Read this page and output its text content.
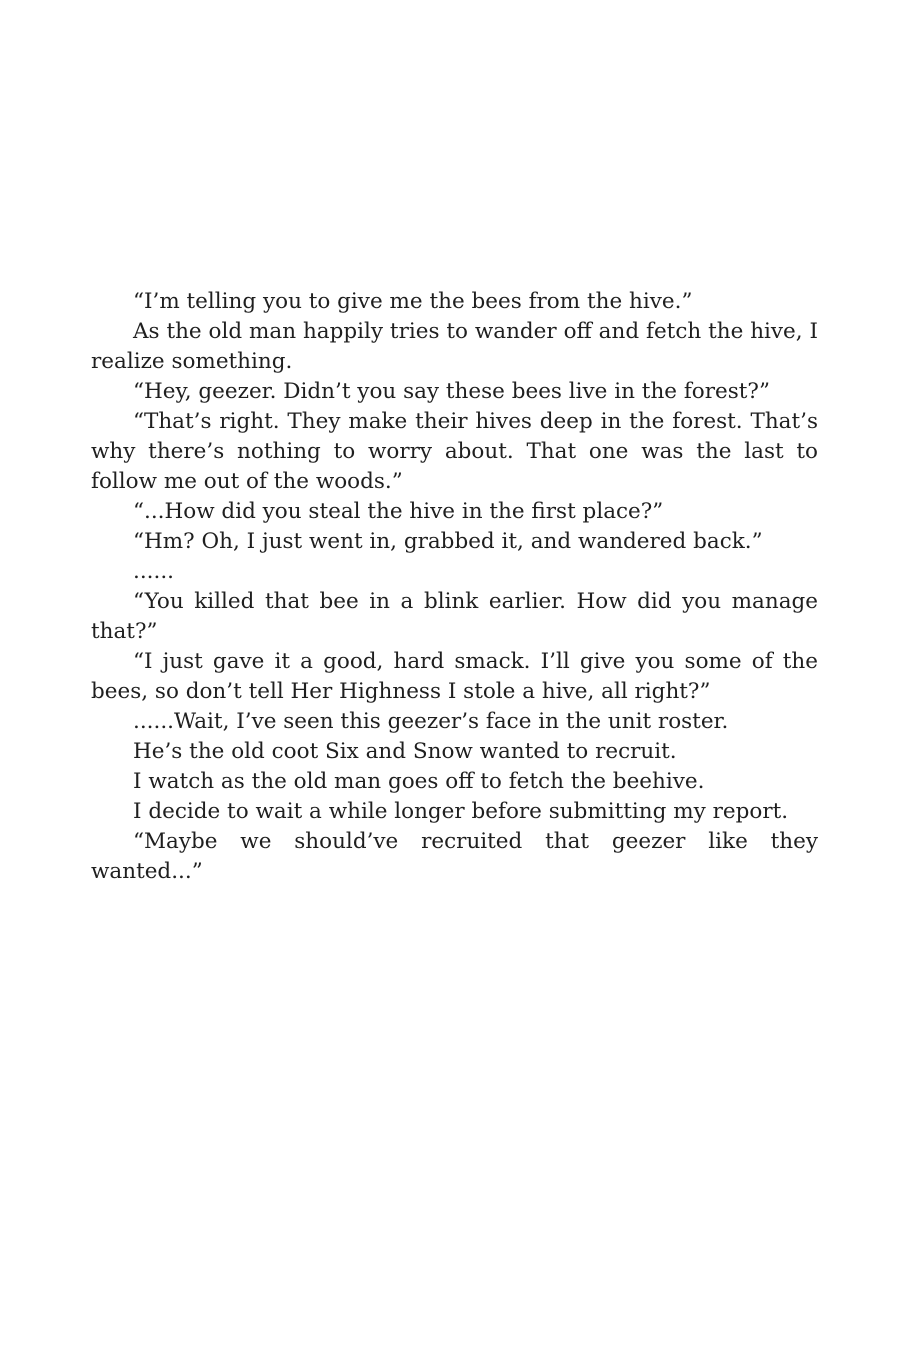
“I’m telling you to give me the bees from the hive.”

As the old man happily tries to wander off and fetch the hive, I realize something.

“Hey, geezer. Didn’t you say these bees live in the forest?”

“That’s right. They make their hives deep in the forest. That’s why there’s nothing to worry about. That one was the last to follow me out of the woods.”

“...How did you steal the hive in the first place?”

“Hm? Oh, I just went in, grabbed it, and wandered back.”

......

“You killed that bee in a blink earlier. How did you manage that?”

“I just gave it a good, hard smack. I’ll give you some of the bees, so don’t tell Her Highness I stole a hive, all right?”

......Wait, I’ve seen this geezer’s face in the unit roster.

He’s the old coot Six and Snow wanted to recruit.

I watch as the old man goes off to fetch the beehive.

I decide to wait a while longer before submitting my report.

“Maybe we should’ve recruited that geezer like they wanted...”
